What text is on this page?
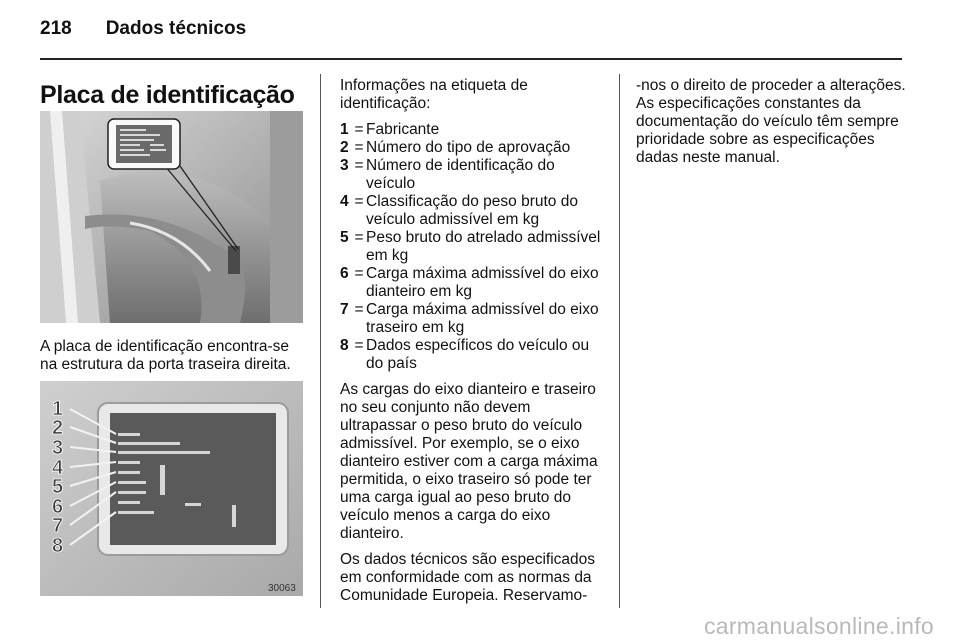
218 Dados técnicos
Placa de identificação
A placa de identificação encontra-se na estrutura da porta traseira direita.
1
2
3
4
5
6
7
8
30063

Informações na etiqueta de identificação:

1 = Fabricante
2 = Número do tipo de aprovação
3 = Número de identificação do veículo
4 = Classificação do peso bruto do veículo admissível em kg
5 = Peso bruto do atrelado admissível em kg
6 = Carga máxima admissível do eixo dianteiro em kg
7 = Carga máxima admissível do eixo traseiro em kg
8 = Dados específicos do veículo ou do país

As cargas do eixo dianteiro e traseiro no seu conjunto não devem ultrapassar o peso bruto do veículo admissível. Por exemplo, se o eixo dianteiro estiver com a carga máxima permitida, o eixo traseiro só pode ter uma carga igual ao peso bruto do veículo menos a carga do eixo dianteiro.

Os dados técnicos são especificados em conformidade com as normas da Comunidade Europeia. Reservamo-

-nos o direito de proceder a alterações. As especificações constantes da documentação do veículo têm sempre prioridade sobre as especificações dadas neste manual.

carmanualsonline.info
